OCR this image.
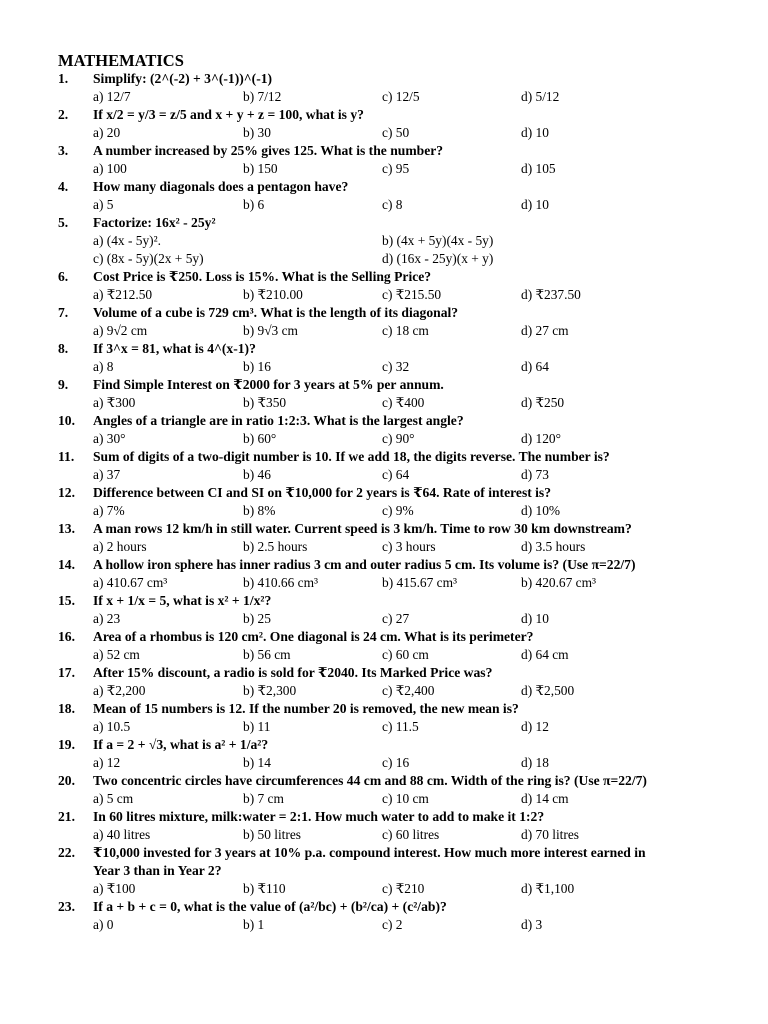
MATHEMATICS
1.	Simplify: (2^(-2) + 3^(-1))^(-1)
a) 12/7	b) 7/12	c) 12/5	d) 5/12
2.	If x/2 = y/3 = z/5 and x + y + z = 100, what is y?
a) 20	b) 30	c) 50	d) 10
3.	A number increased by 25% gives 125. What is the number?
a) 100	b) 150	c) 95	d) 105
4.	How many diagonals does a pentagon have?
a) 5	b) 6	c) 8	d) 10
5.	Factorize: 16x² - 25y²
a) (4x - 5y)².	b) (4x + 5y)(4x - 5y)
c) (8x - 5y)(2x + 5y)	d) (16x - 25y)(x + y)
6.	Cost Price is ₹250. Loss is 15%. What is the Selling Price?
a) ₹212.50	b) ₹210.00	c) ₹215.50	d) ₹237.50
7.	Volume of a cube is 729 cm³. What is the length of its diagonal?
a) 9√2 cm	b) 9√3 cm	c) 18 cm	d) 27 cm
8.	If 3^x = 81, what is 4^(x-1)?
a) 8	b) 16	c) 32	d) 64
9.	Find Simple Interest on ₹2000 for 3 years at 5% per annum.
a) ₹300	b) ₹350	c) ₹400	d) ₹250
10.	Angles of a triangle are in ratio 1:2:3. What is the largest angle?
a) 30°	b) 60°	c) 90°	d) 120°
11.	Sum of digits of a two-digit number is 10. If we add 18, the digits reverse. The number is?
a) 37	b) 46	c) 64	d) 73
12.	Difference between CI and SI on ₹10,000 for 2 years is ₹64. Rate of interest is?
a) 7%	b) 8%	c) 9%	d) 10%
13.	A man rows 12 km/h in still water. Current speed is 3 km/h. Time to row 30 km downstream?
a) 2 hours	b) 2.5 hours	c) 3 hours	d) 3.5 hours
14.	A hollow iron sphere has inner radius 3 cm and outer radius 5 cm. Its volume is? (Use π=22/7)
a) 410.67 cm³	b) 410.66 cm³	b) 415.67 cm³	b) 420.67 cm³
15.	If x + 1/x = 5, what is x² + 1/x²?
a) 23	b) 25	c) 27	d) 10
16.	Area of a rhombus is 120 cm². One diagonal is 24 cm. What is its perimeter?
a) 52 cm	b) 56 cm	c) 60 cm	d) 64 cm
17.	After 15% discount, a radio is sold for ₹2040. Its Marked Price was?
a) ₹2,200	b) ₹2,300	c) ₹2,400	d) ₹2,500
18.	Mean of 15 numbers is 12. If the number 20 is removed, the new mean is?
a) 10.5	b) 11	c) 11.5	d) 12
19.	If a = 2 + √3, what is a² + 1/a²?
a) 12	b) 14	c) 16	d) 18
20.	Two concentric circles have circumferences 44 cm and 88 cm. Width of the ring is? (Use π=22/7)
a) 5 cm	b) 7 cm	c) 10 cm	d) 14 cm
21.	In 60 litres mixture, milk:water = 2:1. How much water to add to make it 1:2?
a) 40 litres	b) 50 litres	c) 60 litres	d) 70 litres
22.	₹10,000 invested for 3 years at 10% p.a. compound interest. How much more interest earned in
Year 3 than in Year 2?
a) ₹100	b) ₹110	c) ₹210	d) ₹1,100
23.	If a + b + c = 0, what is the value of (a²/bc) + (b²/ca) + (c²/ab)?
a) 0	b) 1	c) 2	d) 3
